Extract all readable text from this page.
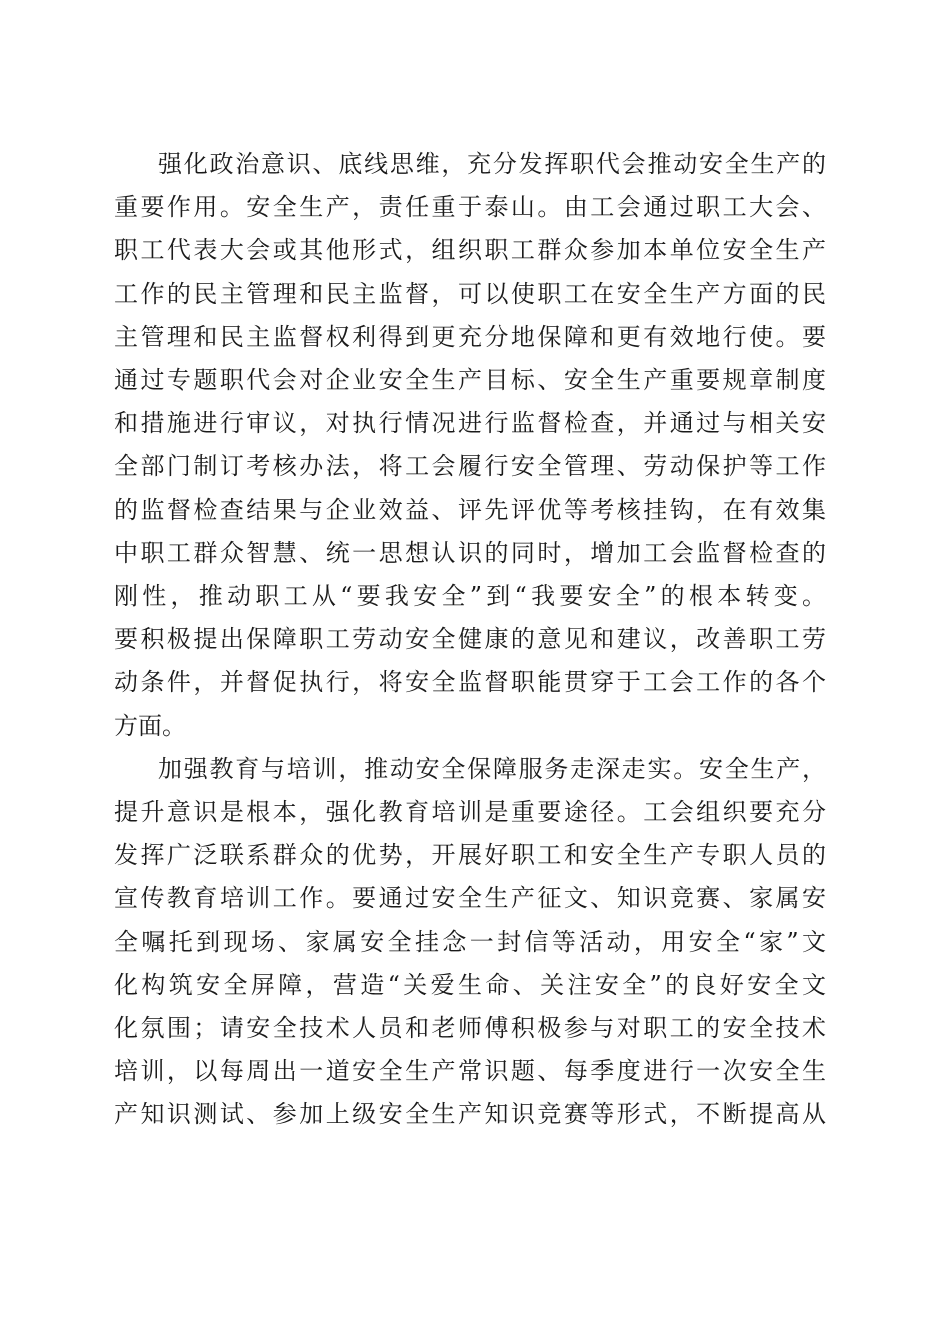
强化政治意识、底线思维，充分发挥职代会推动安全生产的
重要作用。安全生产，责任重于泰山。由工会通过职工大会、
职工代表大会或其他形式，组织职工群众参加本单位安全生产
工作的民主管理和民主监督，可以使职工在安全生产方面的民
主管理和民主监督权利得到更充分地保障和更有效地行使。要
通过专题职代会对企业安全生产目标、安全生产重要规章制度
和措施进行审议，对执行情况进行监督检查，并通过与相关安
全部门制订考核办法，将工会履行安全管理、劳动保护等工作
的监督检查结果与企业效益、评先评优等考核挂钩，在有效集
中职工群众智慧、统一思想认识的同时，增加工会监督检查的
刚性，推动职工从“要我安全”到“我要安全”的根本转变。
要积极提出保障职工劳动安全健康的意见和建议，改善职工劳
动条件，并督促执行，将安全监督职能贯穿于工会工作的各个
方面。
加强教育与培训，推动安全保障服务走深走实。安全生产，
提升意识是根本，强化教育培训是重要途径。工会组织要充分
发挥广泛联系群众的优势，开展好职工和安全生产专职人员的
宣传教育培训工作。要通过安全生产征文、知识竞赛、家属安
全嘱托到现场、家属安全挂念一封信等活动，用安全“家”文
化构筑安全屏障，营造“关爱生命、关注安全”的良好安全文
化氛围；请安全技术人员和老师傅积极参与对职工的安全技术
培训，以每周出一道安全生产常识题、每季度进行一次安全生
产知识测试、参加上级安全生产知识竞赛等形式，不断提高从
